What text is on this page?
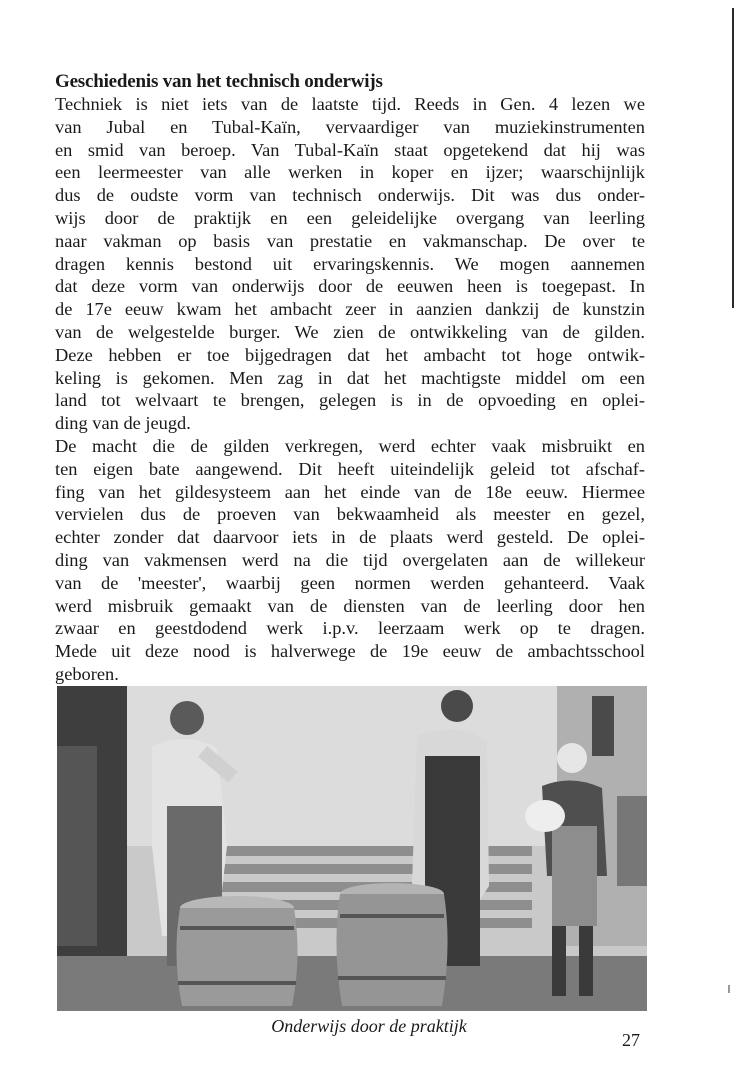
Geschiedenis van het technisch onderwijs
Techniek is niet iets van de laatste tijd. Reeds in Gen. 4 lezen we
van Jubal en Tubal-Kaïn, vervaardiger van muziekinstrumenten
en smid van beroep. Van Tubal-Kaïn staat opgetekend dat hij was
een leermeester van alle werken in koper en ijzer; waarschijnlijk
dus de oudste vorm van technisch onderwijs. Dit was dus onder-
wijs door de praktijk en een geleidelijke overgang van leerling
naar vakman op basis van prestatie en vakmanschap. De over te
dragen kennis bestond uit ervaringskennis. We mogen aannemen
dat deze vorm van onderwijs door de eeuwen heen is toegepast. In
de 17e eeuw kwam het ambacht zeer in aanzien dankzij de kunstzin
van de welgestelde burger. We zien de ontwikkeling van de gilden.
Deze hebben er toe bijgedragen dat het ambacht tot hoge ontwik-
keling is gekomen. Men zag in dat het machtigste middel om een
land tot welvaart te brengen, gelegen is in de opvoeding en oplei-
ding van de jeugd.
De macht die de gilden verkregen, werd echter vaak misbruikt en
ten eigen bate aangewend. Dit heeft uiteindelijk geleid tot afschaf-
fing van het gildesysteem aan het einde van de 18e eeuw. Hiermee
vervielen dus de proeven van bekwaamheid als meester en gezel,
echter zonder dat daarvoor iets in de plaats werd gesteld. De oplei-
ding van vakmensen werd na die tijd overgelaten aan de willekeur
van de 'meester', waarbij geen normen werden gehanteerd. Vaak
werd misbruik gemaakt van de diensten van de leerling door hen
zwaar en geestdodend werk i.p.v. leerzaam werk op te dragen.
Mede uit deze nood is halverwege de 19e eeuw de ambachtsschool
geboren.
Onderwijs door de praktijk
27
